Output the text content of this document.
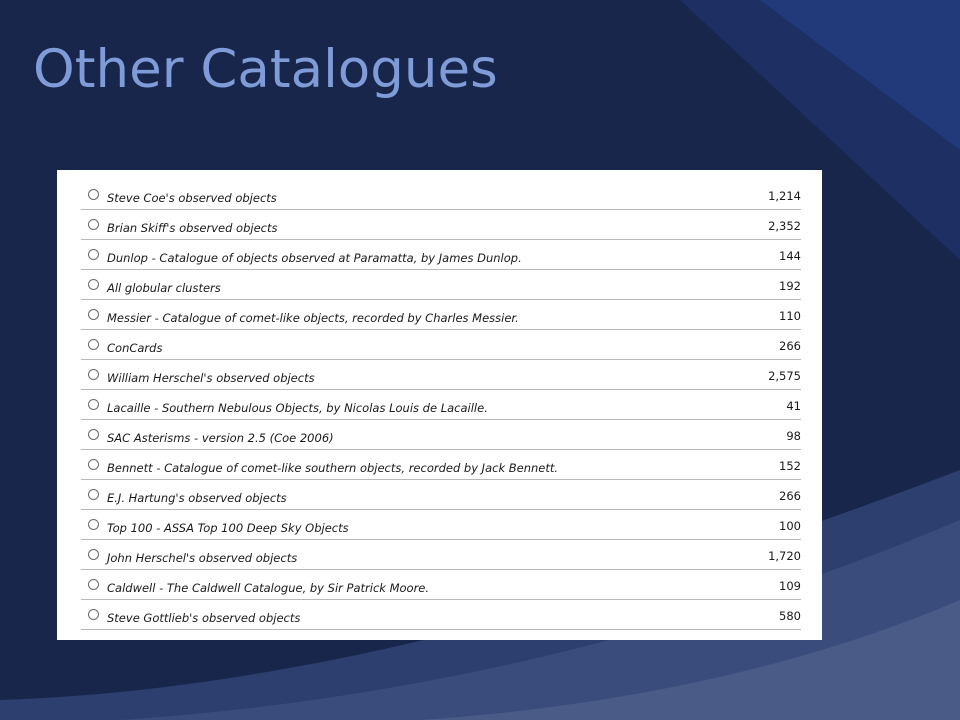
Other Catalogues
Steve Coe's observed objects	1,214
Brian Skiff's observed objects	2,352
Dunlop - Catalogue of objects observed at Paramatta, by James Dunlop.	144
All globular clusters	192
Messier - Catalogue of comet-like objects, recorded by Charles Messier.	110
ConCards	266
William Herschel's observed objects	2,575
Lacaille - Southern Nebulous Objects, by Nicolas Louis de Lacaille.	41
SAC Asterisms - version 2.5 (Coe 2006)	98
Bennett - Catalogue of comet-like southern objects, recorded by Jack Bennett.	152
E.J. Hartung's observed objects	266
Top 100 - ASSA Top 100 Deep Sky Objects	100
John Herschel's observed objects	1,720
Caldwell - The Caldwell Catalogue, by Sir Patrick Moore.	109
Steve Gottlieb's observed objects	580
